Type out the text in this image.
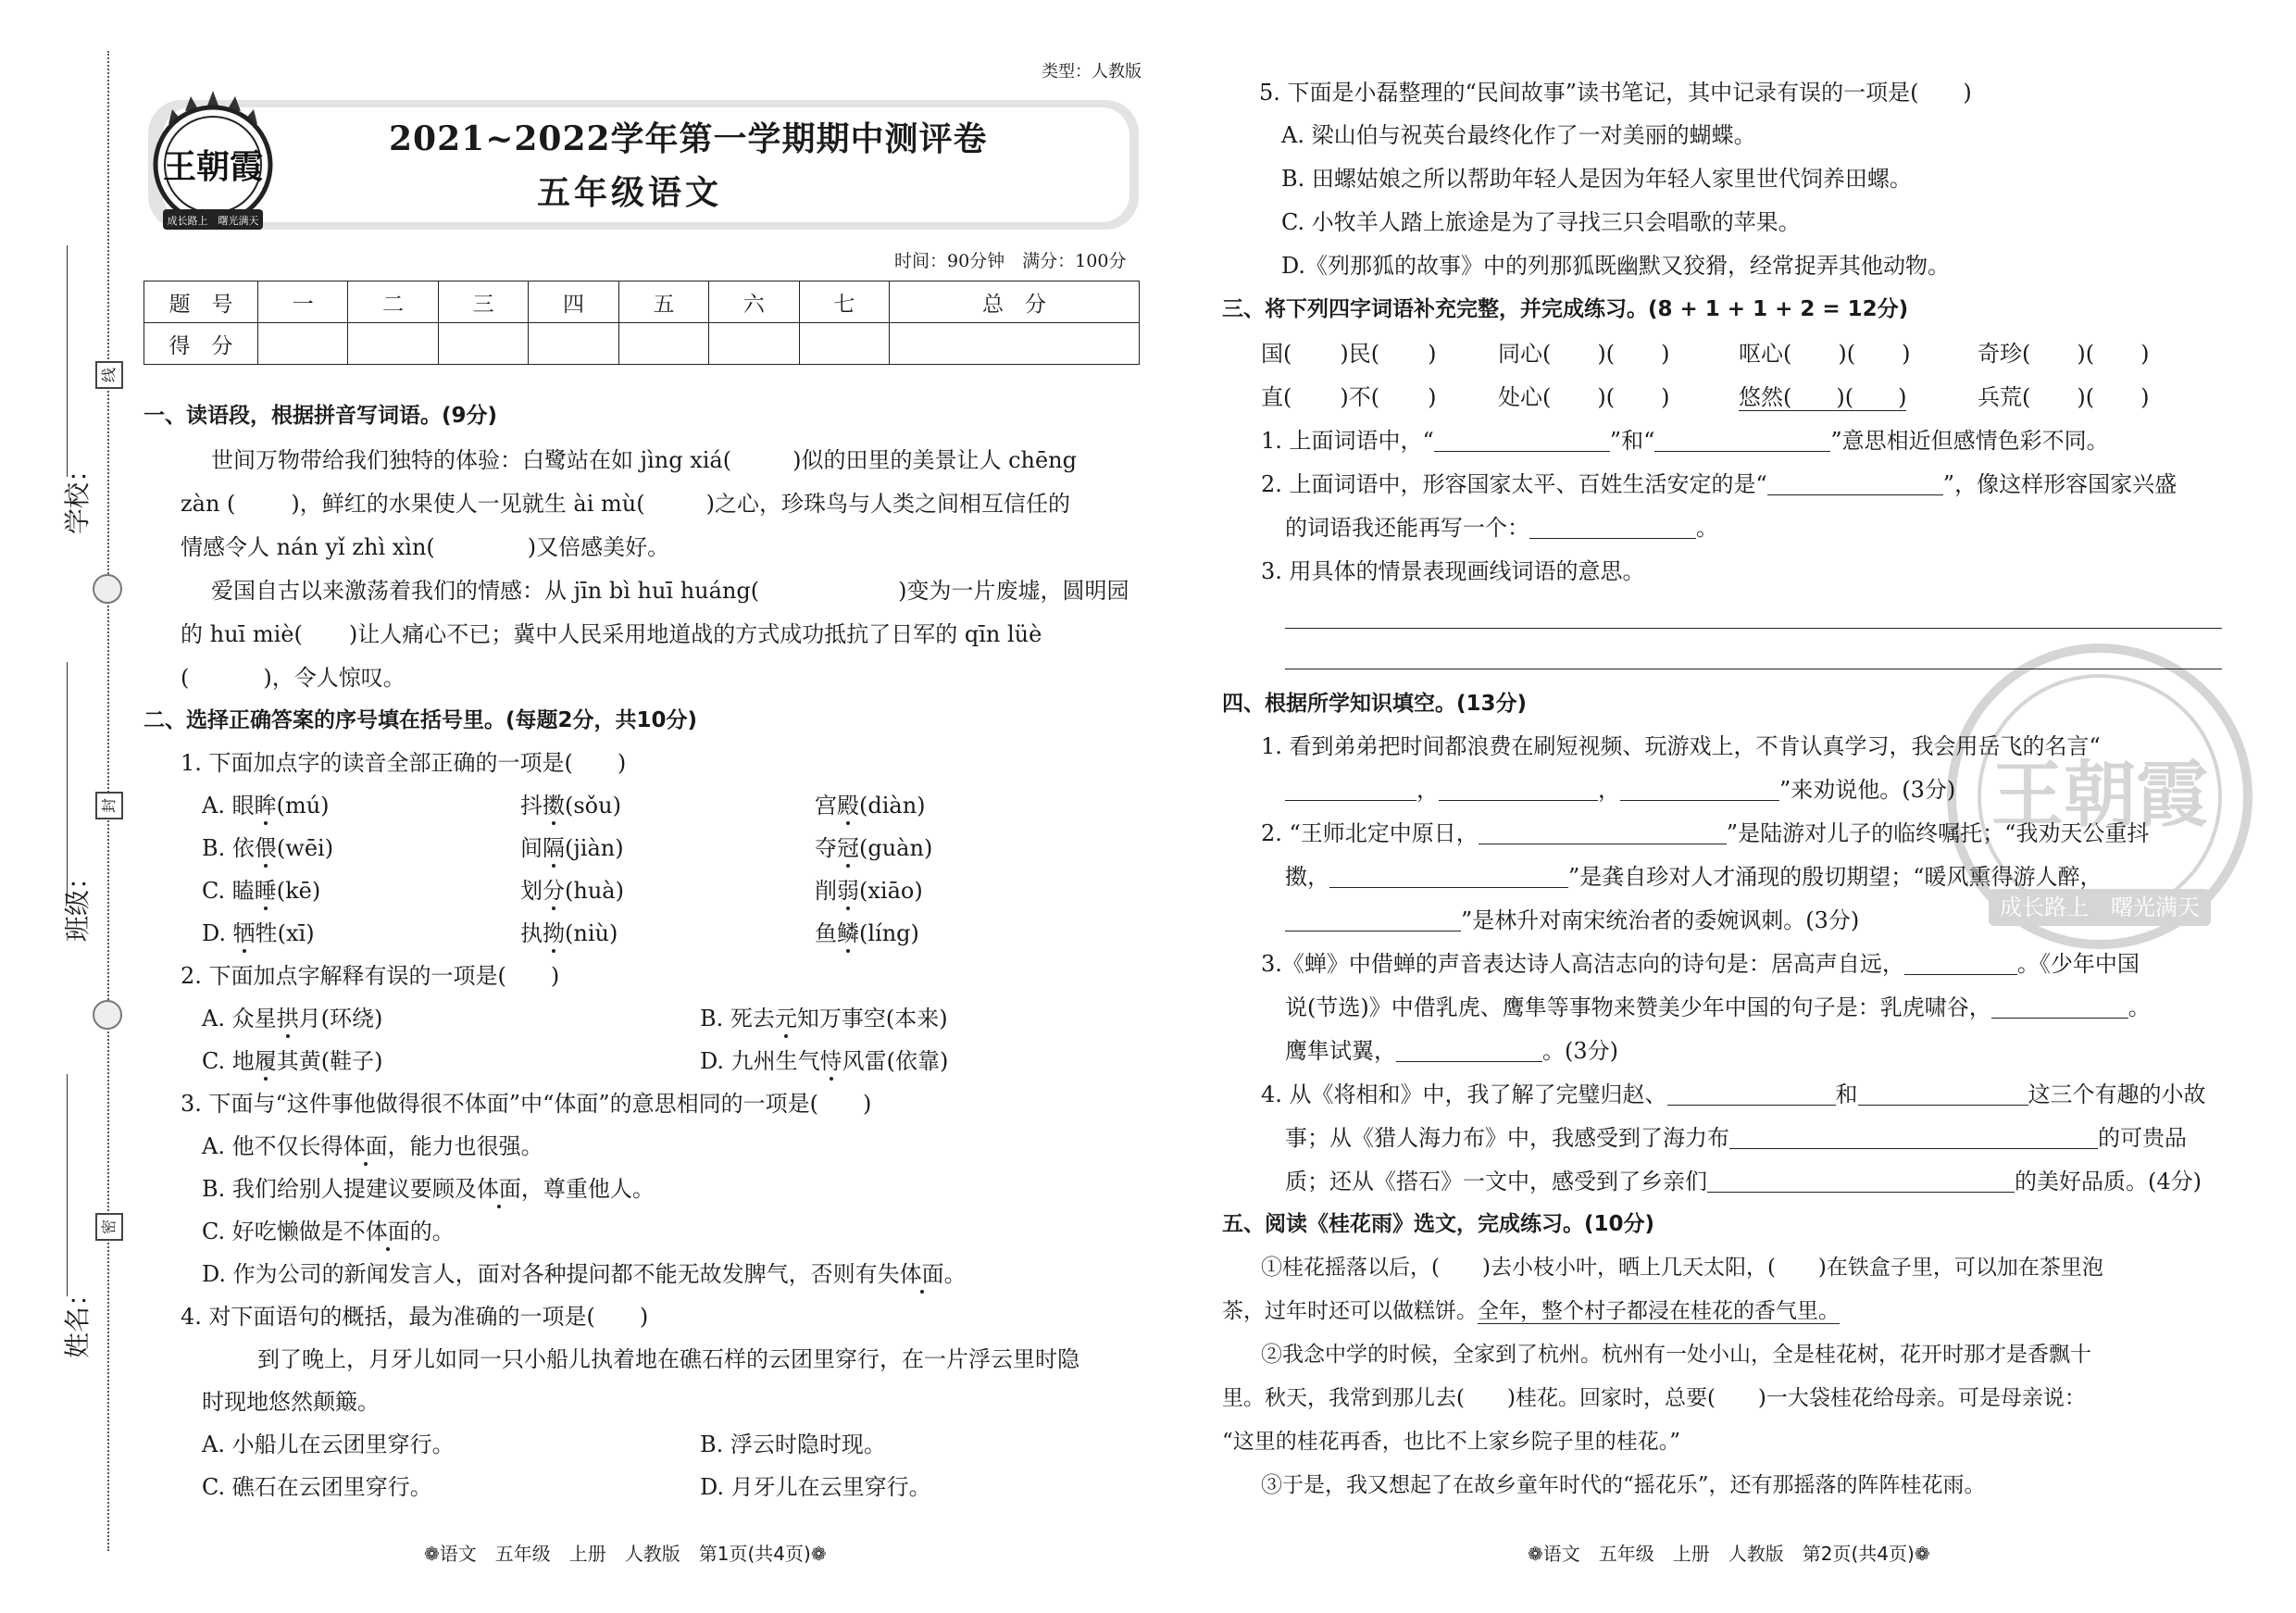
线
封
密
学校：
班级：
姓名：
类型：人教版
王朝霞
成长路上　曙光满天
2021~2022学年第一学期期中测评卷
五年级语文
时间：90分钟　满分：100分
题　号	一	二	三	四	五	六	七	总　分
得　分								
一、读语段，根据拼音写词语。(9分)
世间万物带给我们独特的体验：白鹭站在如 jìng xiá(	)似的田里的美景让人 chēng
zàn (	)，鲜红的水果使人一见就生 ài mù(	)之心，珍珠鸟与人类之间相互信任的
情感令人 nán yǐ zhì xìn(	)又倍感美好。
爱国自古以来激荡着我们的情感：从 jīn bì huī huáng(	)变为一片废墟，圆明园
的 huī miè( )让人痛心不已；冀中人民采用地道战的方式成功抵抗了日军的 qīn lüè
(	)，令人惊叹。
二、选择正确答案的序号填在括号里。(每题2分，共10分)
1. 下面加点字的读音全部正确的一项是(　　)
A. 眼眸(mú)	抖擞(sǒu)	宫殿(diàn)
B. 依偎(wēi)	间隔(jiàn)	夺冠(guàn)
C. 瞌睡(kē)	划分(huà)	削弱(xiāo)
D. 牺牲(xī)	执拗(niù)	鱼鳞(líng)
2. 下面加点字解释有误的一项是(　　)
A. 众星拱月(环绕)	B. 死去元知万事空(本来)
C. 地履其黄(鞋子)	D. 九州生气恃风雷(依靠)
3. 下面与“这件事他做得很不体面”中“体面”的意思相同的一项是(　　)
A. 他不仅长得体面，能力也很强。
B. 我们给别人提建议要顾及体面，尊重他人。
C. 好吃懒做是不体面的。
D. 作为公司的新闻发言人，面对各种提问都不能无故发脾气，否则有失体面。
4. 对下面语句的概括，最为准确的一项是(　　)
到了晚上，月牙儿如同一只小船儿执着地在礁石样的云团里穿行，在一片浮云里时隐
时现地悠然颠簸。
A. 小船儿在云团里穿行。	B. 浮云时隐时现。
C. 礁石在云团里穿行。	D. 月牙儿在云里穿行。
❁语文　五年级　上册　人教版　第1页(共4页)❁
王朝霞
成长路上　曙光满天
5. 下面是小磊整理的“民间故事”读书笔记，其中记录有误的一项是(　　)
A. 梁山伯与祝英台最终化作了一对美丽的蝴蝶。
B. 田螺姑娘之所以帮助年轻人是因为年轻人家里世代饲养田螺。
C. 小牧羊人踏上旅途是为了寻找三只会唱歌的苹果。
D.《列那狐的故事》中的列那狐既幽默又狡猾，经常捉弄其他动物。
三、将下列四字词语补充完整，并完成练习。(8 + 1 + 1 + 2 = 12分)
国( )民( )	同心( )( )	呕心( )( )	奇珍( )( )
直( )不( )	处心( )( )	悠然(　　)(　　)	兵荒( )( )
1. 上面词语中，“	”和“	”意思相近但感情色彩不同。
2. 上面词语中，形容国家太平、百姓生活安定的是“	”，像这样形容国家兴盛
的词语我还能再写一个：	。
3. 用具体的情景表现画线词语的意思。
四、根据所学知识填空。(13分)
1. 看到弟弟把时间都浪费在刷短视频、玩游戏上，不肯认真学习，我会用岳飞的名言“
，	，	”来劝说他。(3分)
2. “王师北定中原日，	”是陆游对儿子的临终嘱托；“我劝天公重抖
擞，	”是龚自珍对人才涌现的殷切期望；“暖风熏得游人醉，
”是林升对南宋统治者的委婉讽刺。(3分)
3.《蝉》中借蝉的声音表达诗人高洁志向的诗句是：居高声自远，	。《少年中国
说(节选)》中借乳虎、鹰隼等事物来赞美少年中国的句子是：乳虎啸谷，	。
鹰隼试翼，	。(3分)
4. 从《将相和》中，我了解了完璧归赵、	和	这三个有趣的小故
事；从《猎人海力布》中，我感受到了海力布	的可贵品
质；还从《搭石》一文中，感受到了乡亲们	的美好品质。(4分)
五、阅读《桂花雨》选文，完成练习。(10分)
①桂花摇落以后，(　　)去小枝小叶，晒上几天太阳，(　　)在铁盒子里，可以加在茶里泡
茶，过年时还可以做糕饼。全年，整个村子都浸在桂花的香气里。
②我念中学的时候，全家到了杭州。杭州有一处小山，全是桂花树，花开时那才是香飘十
里。秋天，我常到那儿去(　　)桂花。回家时，总要(　　)一大袋桂花给母亲。可是母亲说：
“这里的桂花再香，也比不上家乡院子里的桂花。”
③于是，我又想起了在故乡童年时代的“摇花乐”，还有那摇落的阵阵桂花雨。
❁语文　五年级　上册　人教版　第2页(共4页)❁
